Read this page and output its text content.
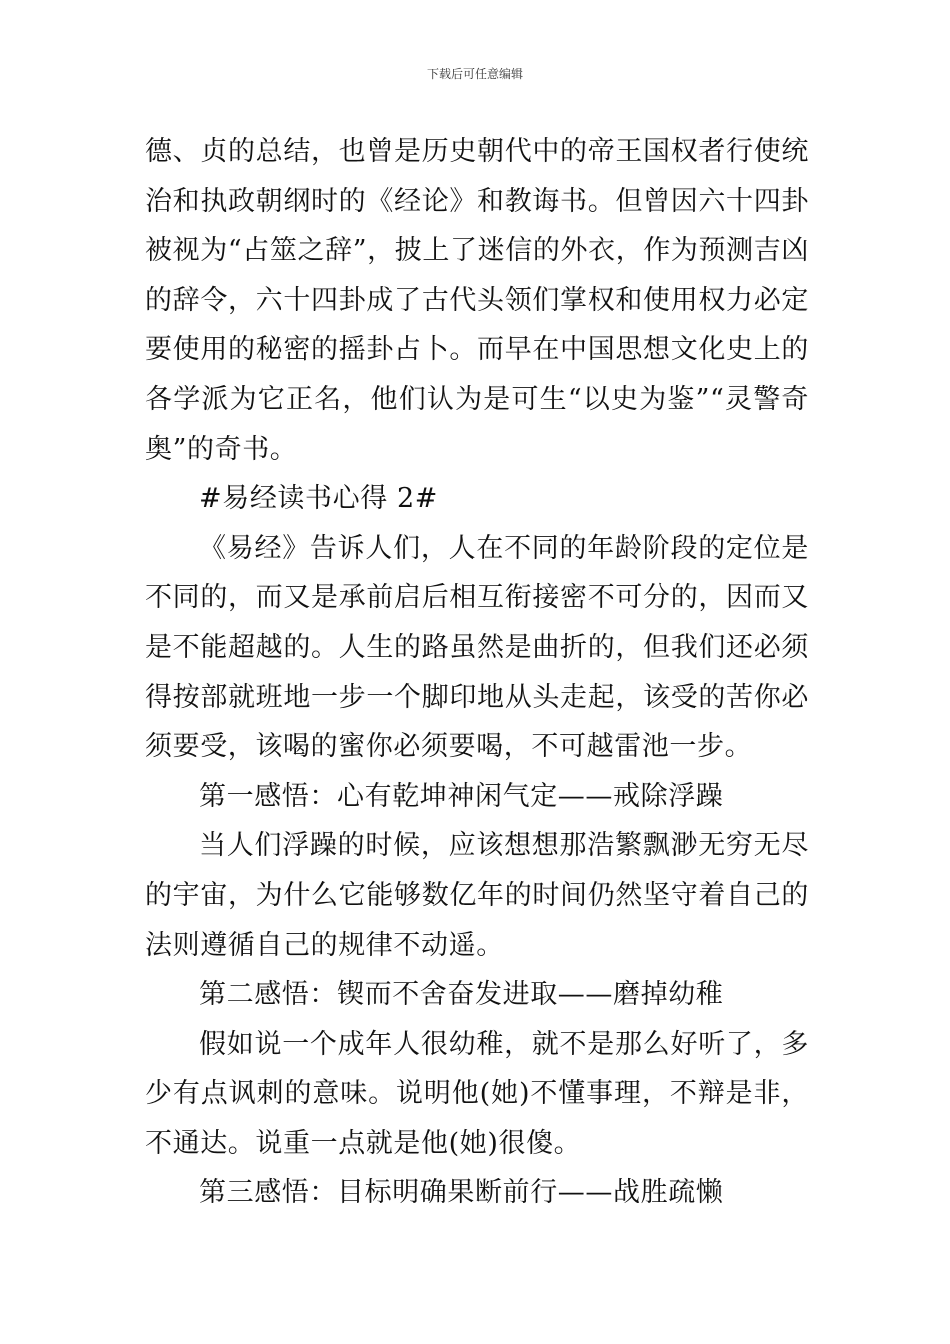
下载后可任意编辑

德、贞的总结，也曾是历史朝代中的帝王国权者行使统治和执政朝纲时的《经论》和教诲书。但曾因六十四卦被视为“占筮之辞”，披上了迷信的外衣，作为预测吉凶的辞令，六十四卦成了古代头领们掌权和使用权力必定要使用的秘密的摇卦占卜。而早在中国思想文化史上的各学派为它正名，他们认为是可生“以史为鉴”“灵警奇奥”的奇书。

#易经读书心得 2#

《易经》告诉人们，人在不同的年龄阶段的定位是不同的，而又是承前启后相互衔接密不可分的，因而又是不能超越的。人生的路虽然是曲折的，但我们还必须得按部就班地一步一个脚印地从头走起，该受的苦你必须要受，该喝的蜜你必须要喝，不可越雷池一步。

第一感悟：心有乾坤神闲气定——戒除浮躁

当人们浮躁的时候，应该想想那浩繁飘渺无穷无尽的宇宙，为什么它能够数亿年的时间仍然坚守着自己的法则遵循自己的规律不动遥。

第二感悟：锲而不舍奋发进取——磨掉幼稚

假如说一个成年人很幼稚，就不是那么好听了，多少有点讽刺的意味。说明他(她)不懂事理，不辩是非，不通达。说重一点就是他(她)很傻。

第三感悟：目标明确果断前行——战胜疏懒
